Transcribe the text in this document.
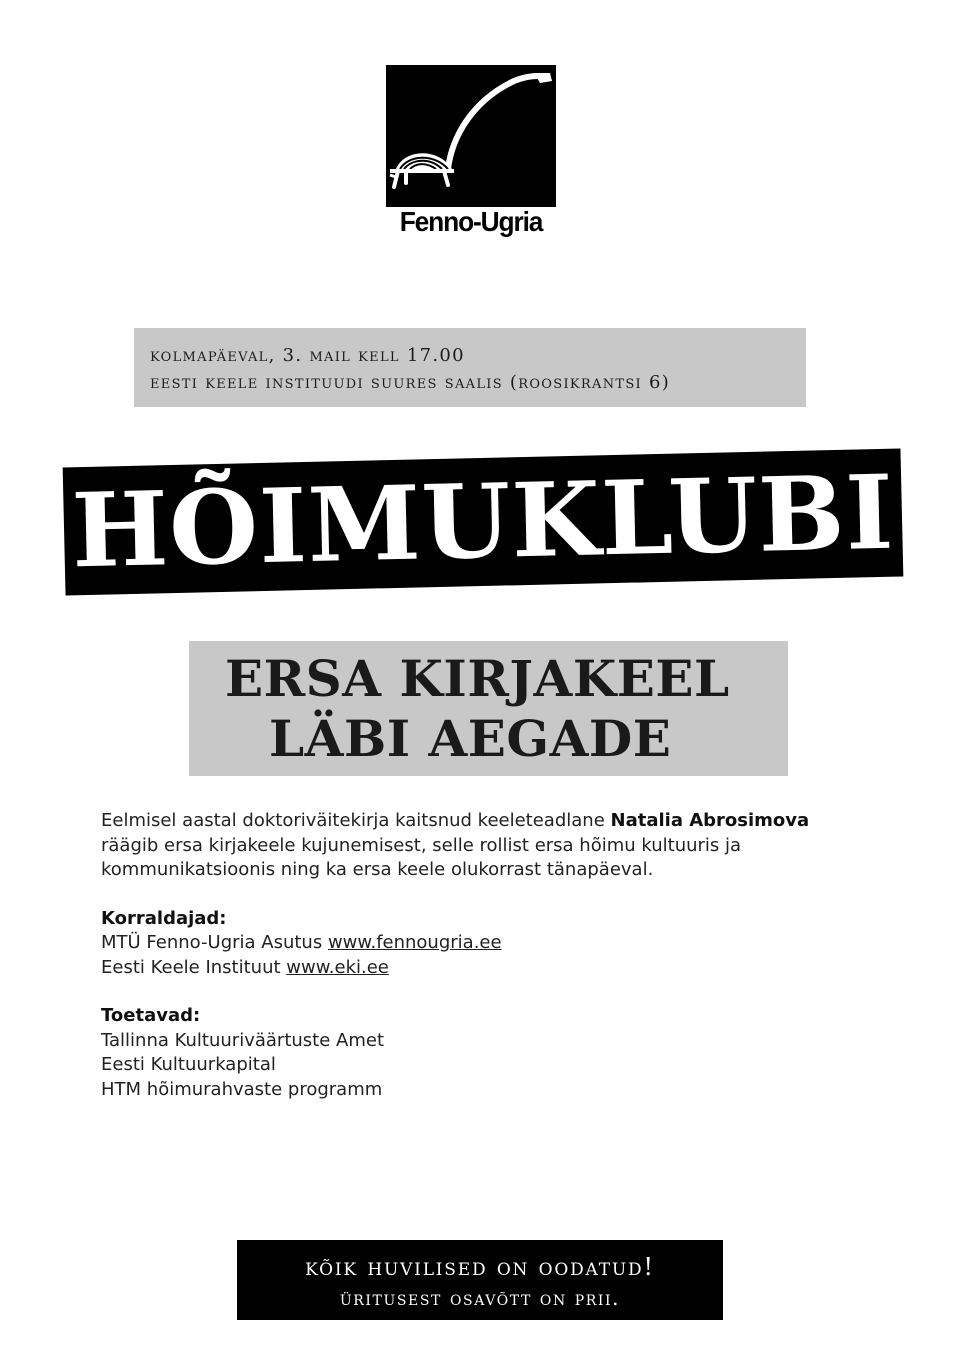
Fenno-Ugria
kolmapäeval, 3. mail kell 17.00
eesti keele instituudi suures saalis (roosikrantsi 6)
HÕIMUKLUBI
ERSA KIRJAKEEL
LÄBI AEGADE

Eelmisel aastal doktoriväitekirja kaitsnud keeleteadlane Natalia Abrosimova räägib ersa kirjakeele kujunemisest, selle rollist ersa hõimu kultuuris ja kommunikatsioonis ning ka ersa keele olukorrast tänapäeval.

Korraldajad:

MTÜ Fenno-Ugria Asutus www.fennougria.ee

Eesti Keele Instituut www.eki.ee

Toetavad:

Tallinna Kultuuriväärtuste Amet

Eesti Kultuurkapital

HTM hõimurahvaste programm

kõik huvilised on oodatud!
üritusest osavõtt on prii.
